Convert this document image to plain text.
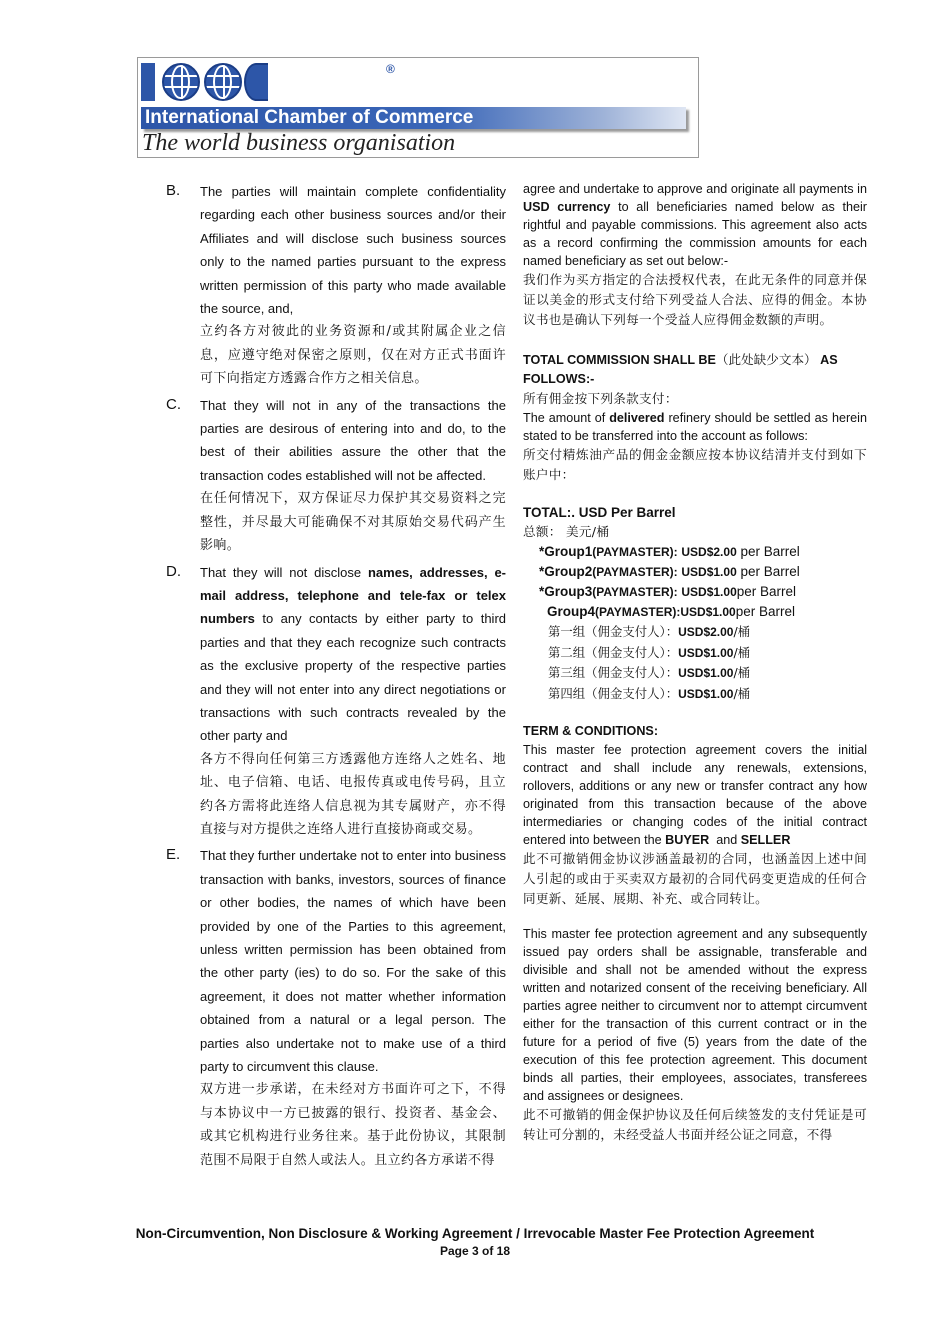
®
International Chamber of Commerce
The world business organisation
B. The parties will maintain complete confidentiality regarding each other business sources and/or their Affiliates and will disclose such business sources only to the named parties pursuant to the express written permission of this party who made available the source, and,

立约各方对彼此的业务资源和/或其附属企业之信息，应遵守绝对保密之原则，仅在对方正式书面许可下向指定方透露合作方之相关信息。

C. That they will not in any of the transactions the parties are desirous of entering into and do, to the best of their abilities assure the other that the transaction codes established will not be affected.

在任何情况下，双方保证尽力保护其交易资料之完整性，并尽最大可能确保不对其原始交易代码产生影响。

D. That they will not disclose names, addresses, e-mail address, telephone and tele-fax or telex numbers to any contacts by either party to third parties and that they each recognize such contracts as the exclusive property of the respective parties and they will not enter into any direct negotiations or transactions with such contracts revealed by the other party and

各方不得向任何第三方透露他方连络人之姓名、地址、电子信箱、电话、电报传真或电传号码，且立约各方需将此连络人信息视为其专属财产，亦不得直接与对方提供之连络人进行直接协商或交易。

E. That they further undertake not to enter into business transaction with banks, investors, sources of finance or other bodies, the names of which have been provided by one of the Parties to this agreement, unless written permission has been obtained from the other party (ies) to do so. For the sake of this agreement, it does not matter whether information obtained from a natural or a legal person. The parties also undertake not to make use of a third party to circumvent this clause.

双方进一步承诺，在未经对方书面许可之下，不得与本协议中一方已披露的银行、投资者、基金会、或其它机构进行业务往来。基于此份协议，其限制范围不局限于自然人或法人。且立约各方承诺不得

agree and undertake to approve and originate all payments in USD currency to all beneficiaries named below as their rightful and payable commissions. This agreement also acts as a record confirming the commission amounts for each named beneficiary as set out below:-

我们作为买方指定的合法授权代表，在此无条件的同意并保证以美金的形式支付给下列受益人合法、应得的佣金。本协议书也是确认下列每一个受益人应得佣金数额的声明。

TOTAL COMMISSION SHALL BE（此处缺少文本） AS FOLLOWS:-

所有佣金按下列条款支付：

The amount of delivered refinery should be settled as herein stated to be transferred into the account as follows:

所交付精炼油产品的佣金金额应按本协议结清并支付到如下账户中：

TOTAL:. USD Per Barrel

总额： 美元/桶

*Group1(PAYMASTER): USD$2.00 per Barrel

*Group2(PAYMASTER): USD$1.00 per Barrel

*Group3(PAYMASTER): USD$1.00per Barrel

Group4(PAYMASTER):USD$1.00per Barrel

第一组（佣金支付人）：USD$2.00/桶

第二组（佣金支付人）：USD$1.00/桶

第三组（佣金支付人）：USD$1.00/桶

第四组（佣金支付人）：USD$1.00/桶

TERM & CONDITIONS:

This master fee protection agreement covers the initial contract and shall include any renewals, extensions, rollovers, additions or any new or transfer contract any how originated from this transaction because of the above intermediaries or changing codes of the initial contract entered into between the BUYER  and SELLER

此不可撤销佣金协议涉涵盖最初的合同，也涵盖因上述中间人引起的或由于买卖双方最初的合同代码变更造成的任何合同更新、延展、展期、补充、或合同转让。

This master fee protection agreement and any subsequently issued pay orders shall be assignable, transferable and divisible and shall not be amended without the express written and notarized consent of the receiving beneficiary. All parties agree neither to circumvent nor to attempt circumvent either for the transaction of this current contract or in the future for a period of five (5) years from the date of the execution of this fee protection agreement. This document binds all parties, their employees, associates, transferees and assignees or designees.

此不可撤销的佣金保护协议及任何后续签发的支付凭证是可转让可分割的，未经受益人书面并经公证之同意，不得

Non-Circumvention, Non Disclosure & Working Agreement / Irrevocable Master Fee Protection Agreement
Page 3 of 18
